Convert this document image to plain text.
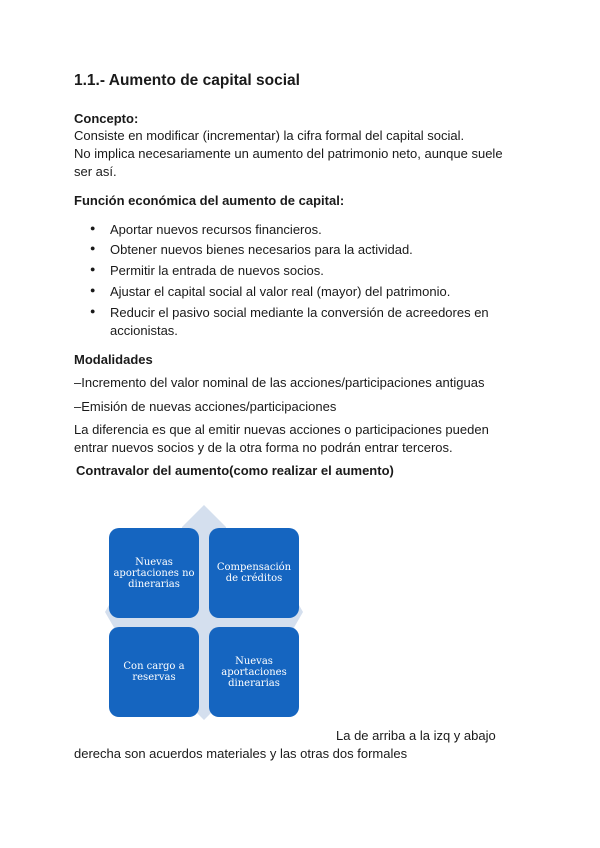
1.1.- Aumento de capital social
Concepto:
Consiste en modificar (incrementar) la cifra formal del capital social.
No implica necesariamente un aumento del patrimonio neto, aunque suele
ser así.
Función económica del aumento de capital:
● Aportar nuevos recursos financieros.
● Obtener nuevos bienes necesarios para la actividad.
● Permitir la entrada de nuevos socios.
● Ajustar el capital social al valor real (mayor) del patrimonio.
● Reducir el pasivo social mediante la conversión de acreedores en
accionistas.
Modalidades
–Incremento del valor nominal de las acciones/participaciones antiguas
–Emisión de nuevas acciones/participaciones
La diferencia es que al emitir nuevas acciones o participaciones pueden
entrar nuevos socios y de la otra forma no podrán entrar terceros.
Contravalor del aumento(como realizar el aumento)
Nuevas aportaciones no dinerarias
Compensación de créditos
Con cargo a reservas
Nuevas aportaciones dinerarias
La de arriba a la izq y abajo
derecha son acuerdos materiales y las otras dos formales
